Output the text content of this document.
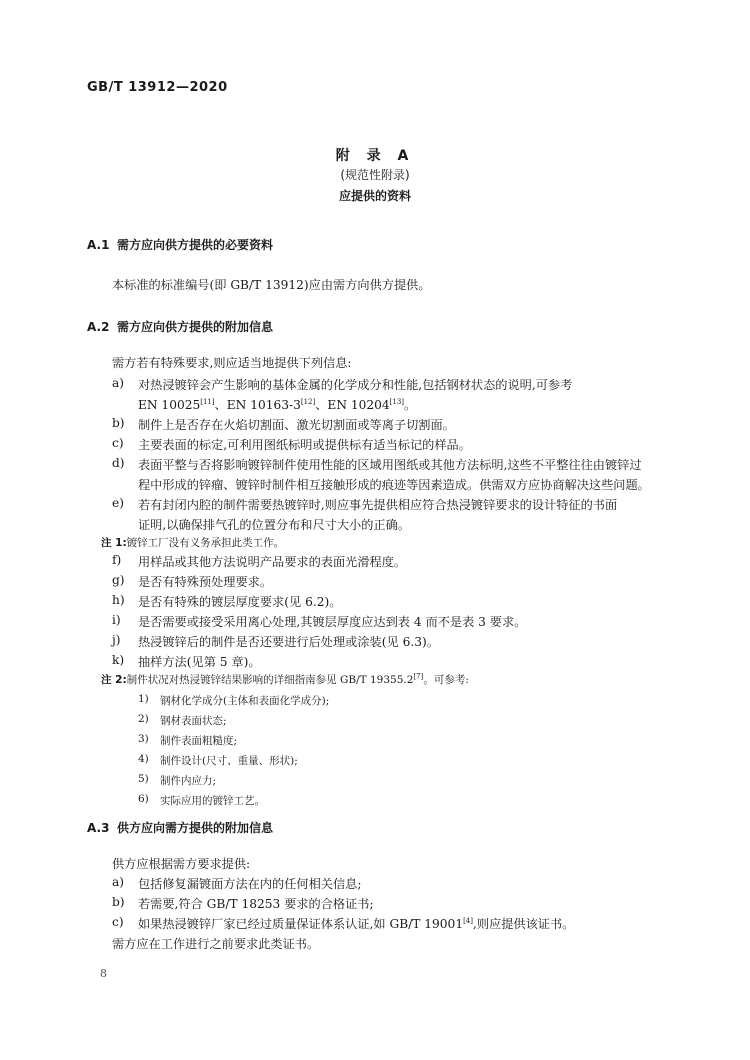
GB/T 13912—2020
附 录 A
(规范性附录)
应提供的资料
A.1 需方应向供方提供的必要资料
本标准的标准编号(即 GB/T 13912)应由需方向供方提供。
A.2 需方应向供方提供的附加信息
需方若有特殊要求,则应适当地提供下列信息:
a) 对热浸镀锌会产生影响的基体金属的化学成分和性能,包括钢材状态的说明,可参考
EN 10025[11]、EN 10163-3[12]、EN 10204[13]。
b) 制件上是否存在火焰切割面、激光切割面或等离子切割面。
c) 主要表面的标定,可利用图纸标明或提供标有适当标记的样品。
d) 表面平整与否将影响镀锌制件使用性能的区域用图纸或其他方法标明,这些不平整往往由镀锌过
程中形成的锌瘤、镀锌时制件相互接触形成的痕迹等因素造成。供需双方应协商解决这些问题。
e) 若有封闭内腔的制件需要热镀锌时,则应事先提供相应符合热浸镀锌要求的设计特征的书面
证明,以确保排气孔的位置分布和尺寸大小的正确。
注 1:镀锌工厂没有义务承担此类工作。
f) 用样品或其他方法说明产品要求的表面光滑程度。
g) 是否有特殊预处理要求。
h) 是否有特殊的镀层厚度要求(见 6.2)。
i) 是否需要或接受采用离心处理,其镀层厚度应达到表 4 而不是表 3 要求。
j) 热浸镀锌后的制件是否还要进行后处理或涂装(见 6.3)。
k) 抽样方法(见第 5 章)。
注 2:制件状况对热浸镀锌结果影响的详细指南参见 GB/T 19355.2[7]。可参考:
1) 钢材化学成分(主体和表面化学成分);
2) 钢材表面状态;
3) 制件表面粗糙度;
4) 制件设计(尺寸、重量、形状);
5) 制件内应力;
6) 实际应用的镀锌工艺。
A.3 供方应向需方提供的附加信息
供方应根据需方要求提供:
a) 包括修复漏镀面方法在内的任何相关信息;
b) 若需要,符合 GB/T 18253 要求的合格证书;
c) 如果热浸镀锌厂家已经过质量保证体系认证,如 GB/T 19001[4],则应提供该证书。
需方应在工作进行之前要求此类证书。
8
